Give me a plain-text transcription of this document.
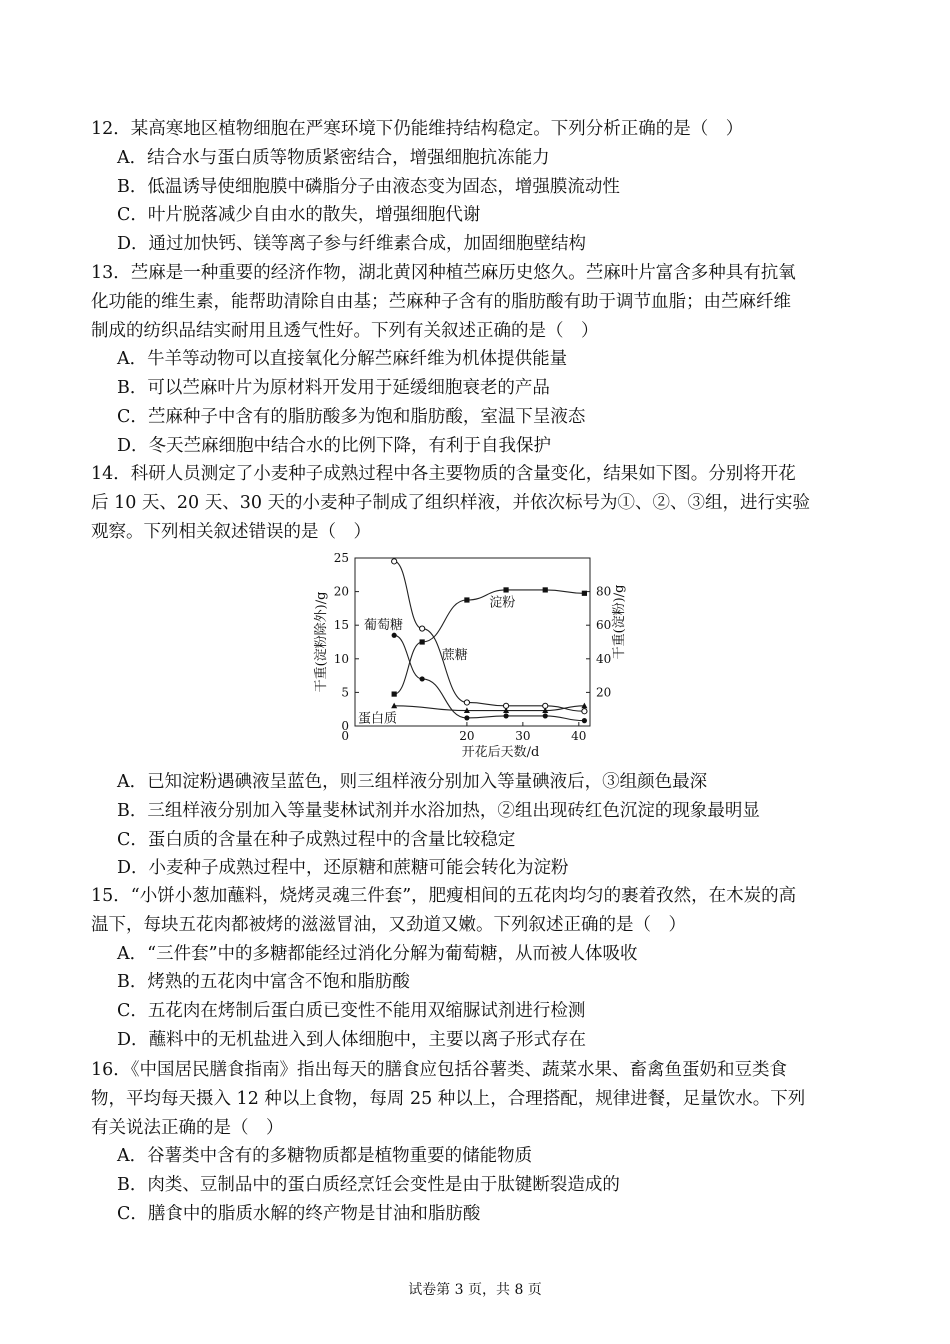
12．某高寒地区植物细胞在严寒环境下仍能维持结构稳定。下列分析正确的是（　）
A．结合水与蛋白质等物质紧密结合，增强细胞抗冻能力
B．低温诱导使细胞膜中磷脂分子由液态变为固态，增强膜流动性
C．叶片脱落减少自由水的散失，增强细胞代谢
D．通过加快钙、镁等离子参与纤维素合成，加固细胞壁结构
13．苎麻是一种重要的经济作物，湖北黄冈种植苎麻历史悠久。苎麻叶片富含多种具有抗氧
化功能的维生素，能帮助清除自由基；苎麻种子含有的脂肪酸有助于调节血脂；由苎麻纤维
制成的纺织品结实耐用且透气性好。下列有关叙述正确的是（　）
A．牛羊等动物可以直接氧化分解苎麻纤维为机体提供能量
B．可以苎麻叶片为原材料开发用于延缓细胞衰老的产品
C．苎麻种子中含有的脂肪酸多为饱和脂肪酸，室温下呈液态
D．冬天苎麻细胞中结合水的比例下降，有利于自我保护
14．科研人员测定了小麦种子成熟过程中各主要物质的含量变化，结果如下图。分别将开花
后 10 天、20 天、30 天的小麦种子制成了组织样液，并依次标号为①、②、③组，进行实验
观察。下列相关叙述错误的是（　）
A．已知淀粉遇碘液呈蓝色，则三组样液分别加入等量碘液后，③组颜色最深
B．三组样液分别加入等量斐林试剂并水浴加热，②组出现砖红色沉淀的现象最明显
C．蛋白质的含量在种子成熟过程中的含量比较稳定
D．小麦种子成熟过程中，还原糖和蔗糖可能会转化为淀粉
15．“小饼小葱加蘸料，烧烤灵魂三件套”，肥瘦相间的五花肉均匀的裹着孜然，在木炭的高
温下，每块五花肉都被烤的滋滋冒油，又劲道又嫩。下列叙述正确的是（　）
A．“三件套”中的多糖都能经过消化分解为葡萄糖，从而被人体吸收
B．烤熟的五花肉中富含不饱和脂肪酸
C．五花肉在烤制后蛋白质已变性不能用双缩脲试剂进行检测
D．蘸料中的无机盐进入到人体细胞中，主要以离子形式存在
16．《中国居民膳食指南》指出每天的膳食应包括谷薯类、蔬菜水果、畜禽鱼蛋奶和豆类食
物，平均每天摄入 12 种以上食物，每周 25 种以上，合理搭配，规律进餐，足量饮水。下列
有关说法正确的是（　）
A．谷薯类中含有的多糖物质都是植物重要的储能物质
B．肉类、豆制品中的蛋白质经烹饪会变性是由于肽键断裂造成的
C．膳食中的脂质水解的终产物是甘油和脂肪酸
0
5
10
15
20
25
20
40
60
80
0	20	30	40
开花后天数/d
干重(淀粉除外)/g	干重(淀粉)/g
淀粉
葡萄糖
蔗糖
蛋白质
试卷第 3 页，共 8 页
